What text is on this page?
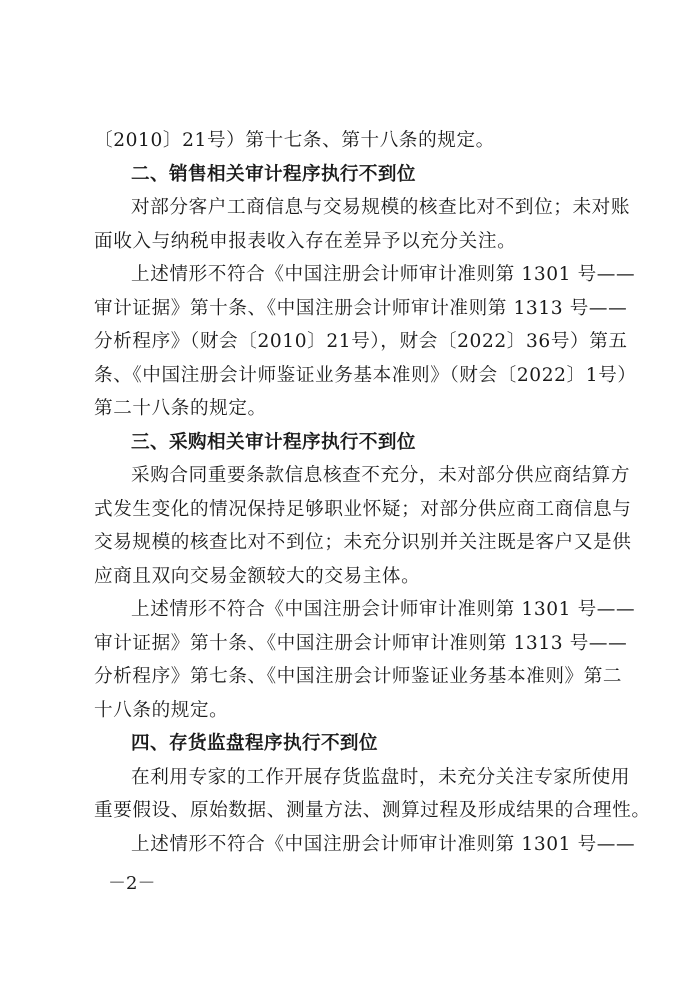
〔2010〕21号）第十七条、第十八条的规定。
二、销售相关审计程序执行不到位
对部分客户工商信息与交易规模的核查比对不到位；未对账
面收入与纳税申报表收入存在差异予以充分关注。
上述情形不符合《中国注册会计师审计准则第 1301 号——
审计证据》第十条、《中国注册会计师审计准则第 1313 号——
分析程序》（财会〔2010〕21号），财会〔2022〕36号）第五
条、《中国注册会计师鉴证业务基本准则》（财会〔2022〕1号）
第二十八条的规定。
三、采购相关审计程序执行不到位
采购合同重要条款信息核查不充分，未对部分供应商结算方
式发生变化的情况保持足够职业怀疑；对部分供应商工商信息与
交易规模的核查比对不到位；未充分识别并关注既是客户又是供
应商且双向交易金额较大的交易主体。
上述情形不符合《中国注册会计师审计准则第 1301 号——
审计证据》第十条、《中国注册会计师审计准则第 1313 号——
分析程序》第七条、《中国注册会计师鉴证业务基本准则》第二
十八条的规定。
四、存货监盘程序执行不到位
在利用专家的工作开展存货监盘时，未充分关注专家所使用
重要假设、原始数据、测量方法、测算过程及形成结果的合理性。
上述情形不符合《中国注册会计师审计准则第 1301 号——
－2－
